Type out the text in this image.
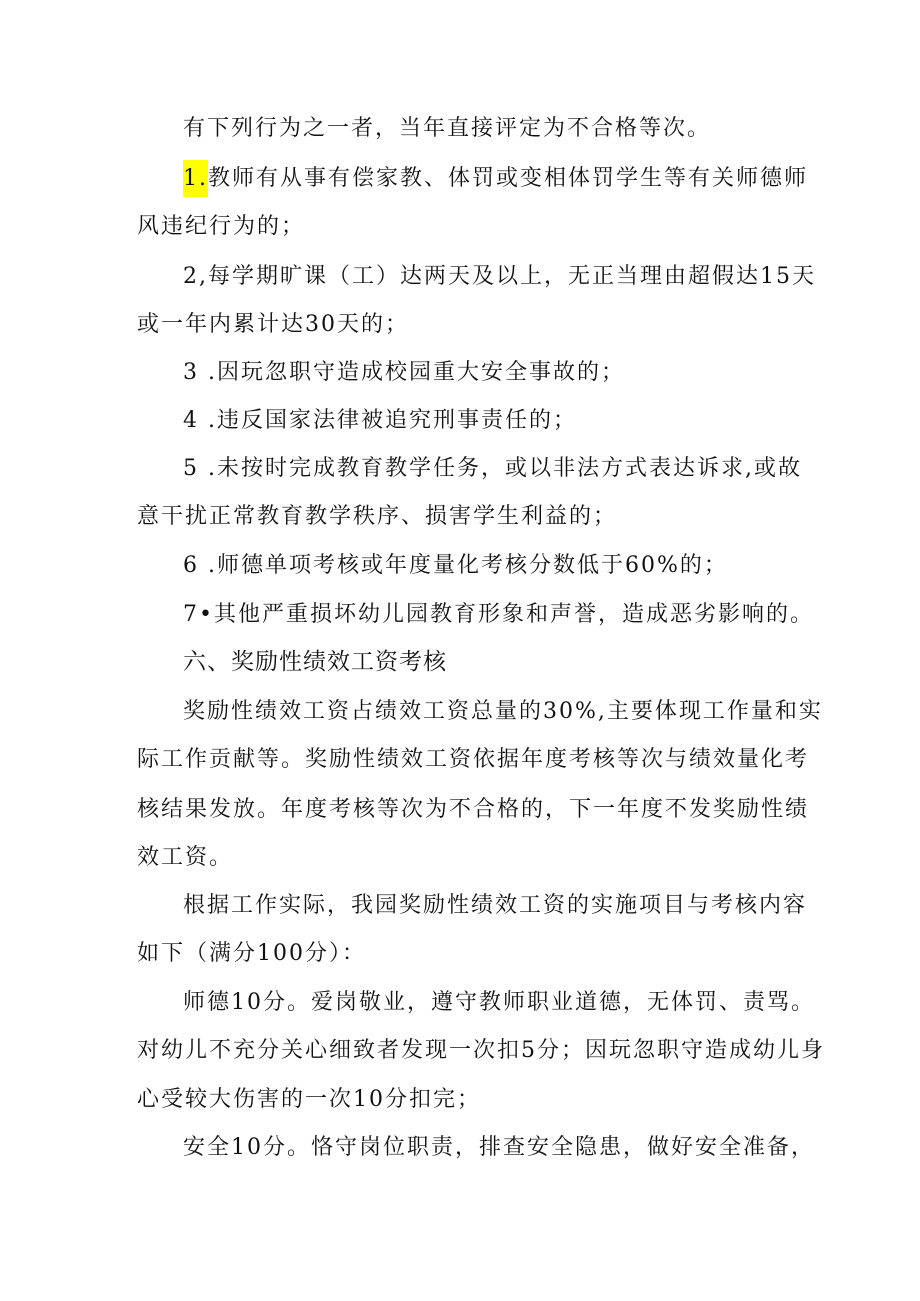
有下列行为之一者，当年直接评定为不合格等次。
1.教师有从事有偿家教、体罚或变相体罚学生等有关师德师
风违纪行为的；
2,每学期旷课（工）达两天及以上，无正当理由超假达15天
或一年内累计达30天的；
3 .因玩忽职守造成校园重大安全事故的；
4 .违反国家法律被追究刑事责任的；
5 .未按时完成教育教学任务，或以非法方式表达诉求,或故
意干扰正常教育教学秩序、损害学生利益的；
6 .师德单项考核或年度量化考核分数低于60%的；
7•其他严重损坏幼儿园教育形象和声誉，造成恶劣影响的。
六、奖励性绩效工资考核
奖励性绩效工资占绩效工资总量的30%,主要体现工作量和实
际工作贡献等。奖励性绩效工资依据年度考核等次与绩效量化考
核结果发放。年度考核等次为不合格的，下一年度不发奖励性绩
效工资。
根据工作实际，我园奖励性绩效工资的实施项目与考核内容
如下（满分100分）：
师德10分。爱岗敬业，遵守教师职业道德，无体罚、责骂。
对幼儿不充分关心细致者发现一次扣5分；因玩忽职守造成幼儿身
心受较大伤害的一次10分扣完；
安全10分。恪守岗位职责，排查安全隐患，做好安全准备，
